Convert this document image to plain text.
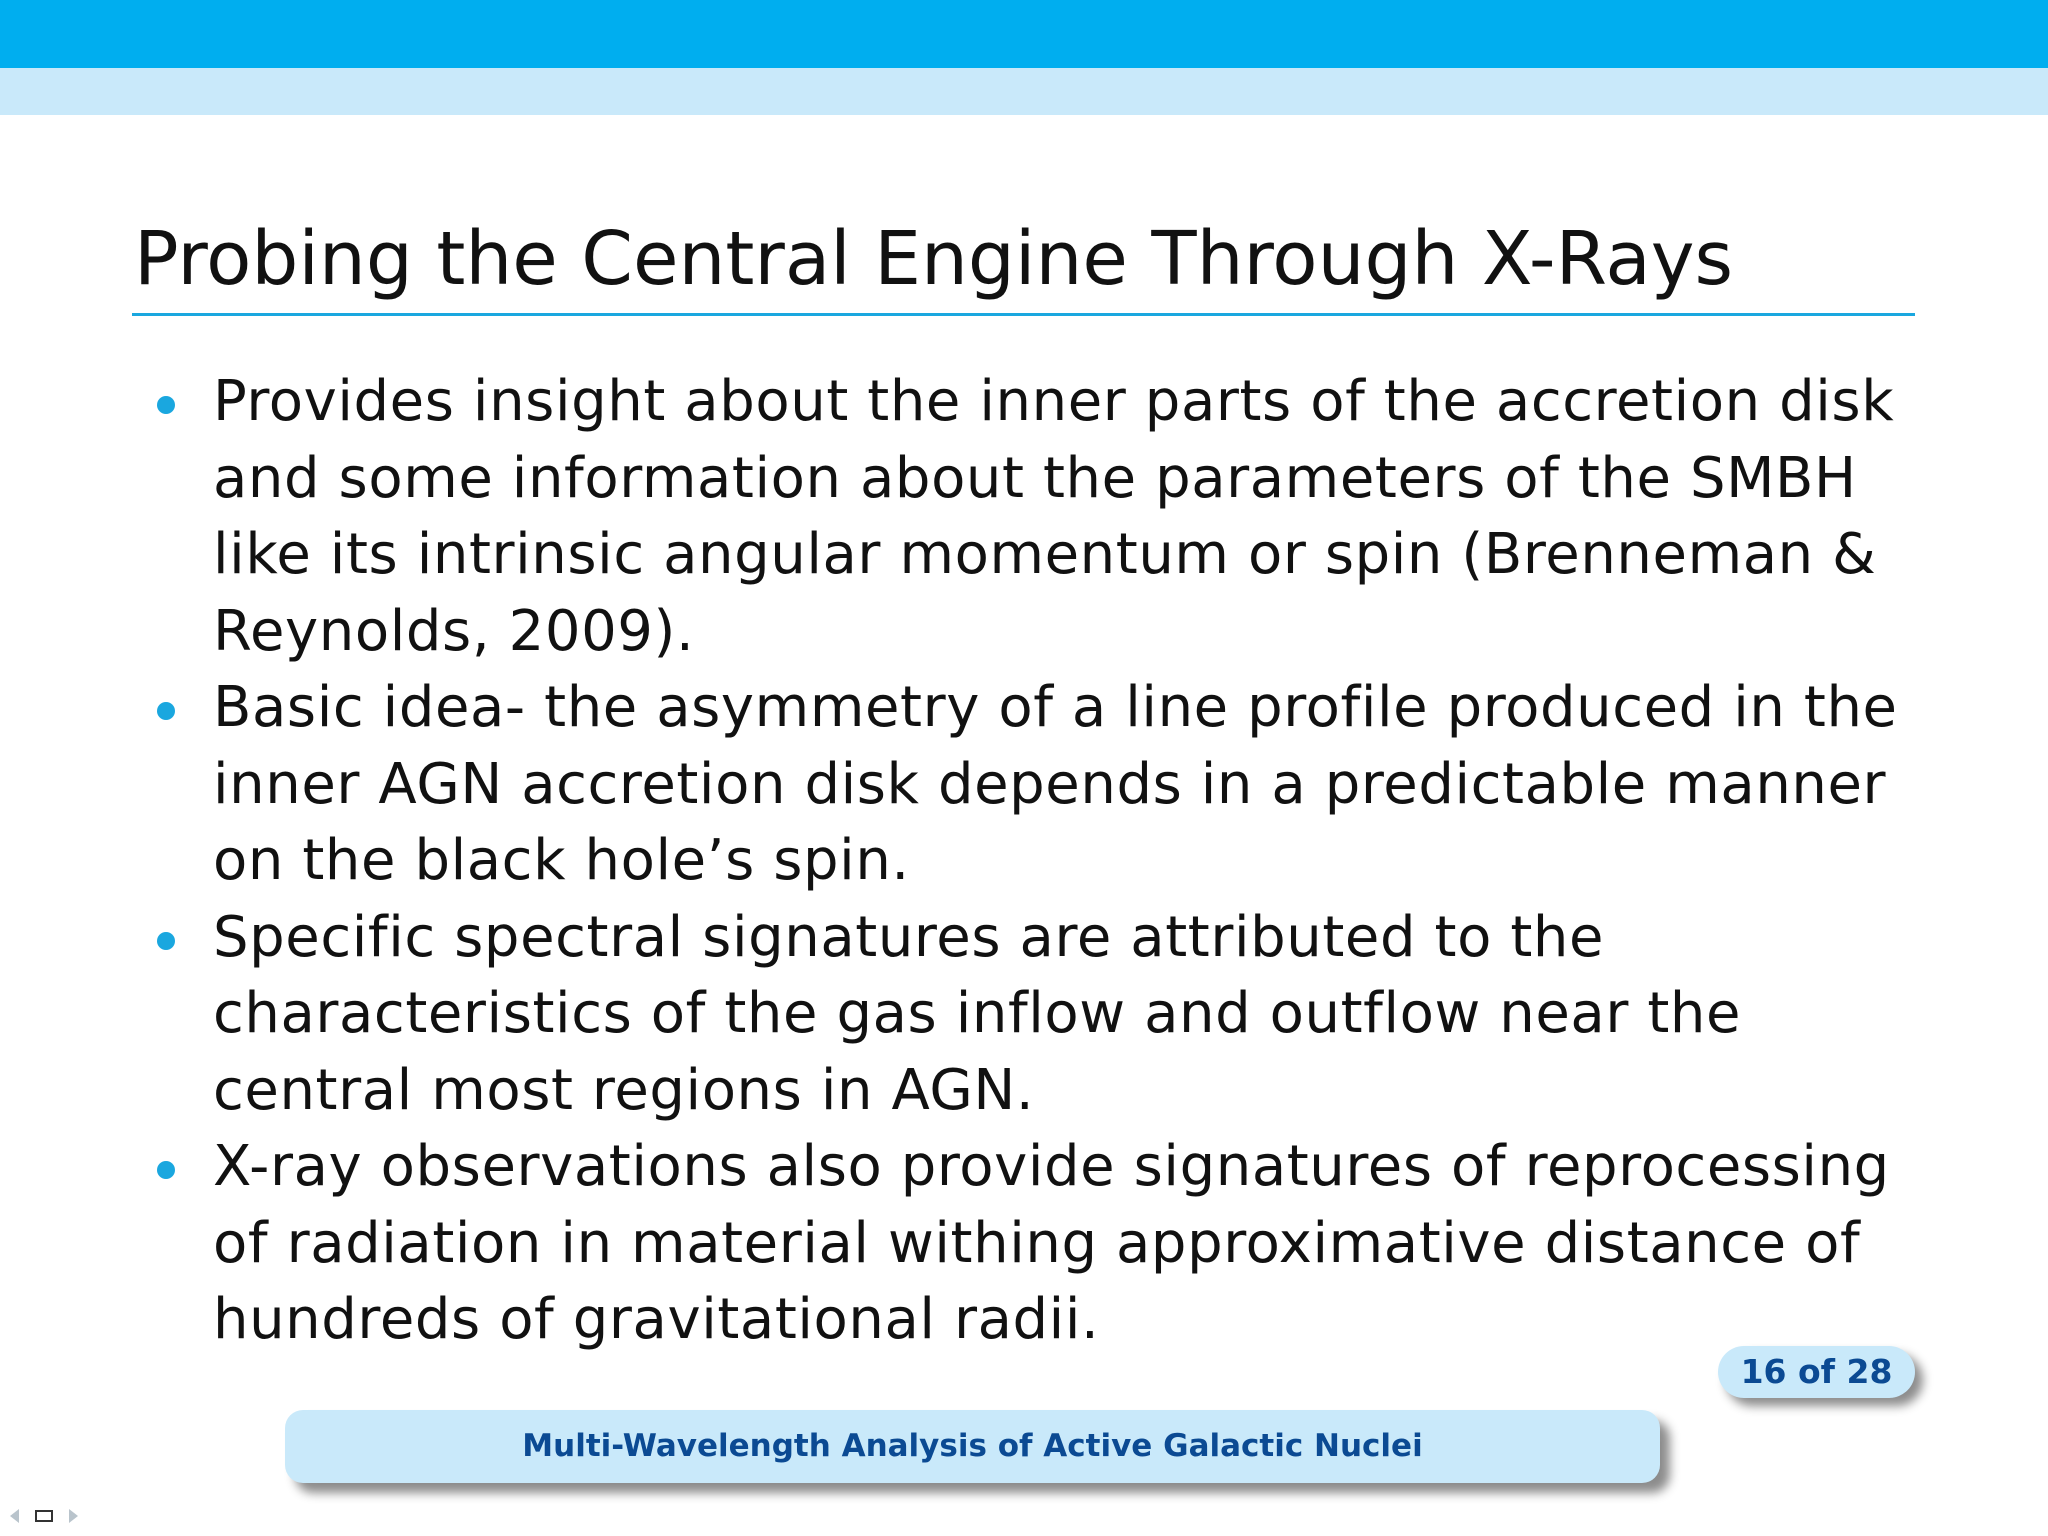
Probing the Central Engine Through X-Rays
Provides insight about the inner parts of the accretion disk and some information about the parameters of the SMBH like its intrinsic angular momentum or spin (Brenneman & Reynolds, 2009).
Basic idea- the asymmetry of a line profile produced in the inner AGN accretion disk depends in a predictable manner on the black hole’s spin.
Specific spectral signatures are attributed to the characteristics of the gas inflow and outflow near the central most regions in AGN.
X-ray observations also provide signatures of reprocessing of radiation in material withing approximative distance of hundreds of gravitational radii.
16 of 28
Multi-Wavelength Analysis of Active Galactic Nuclei
